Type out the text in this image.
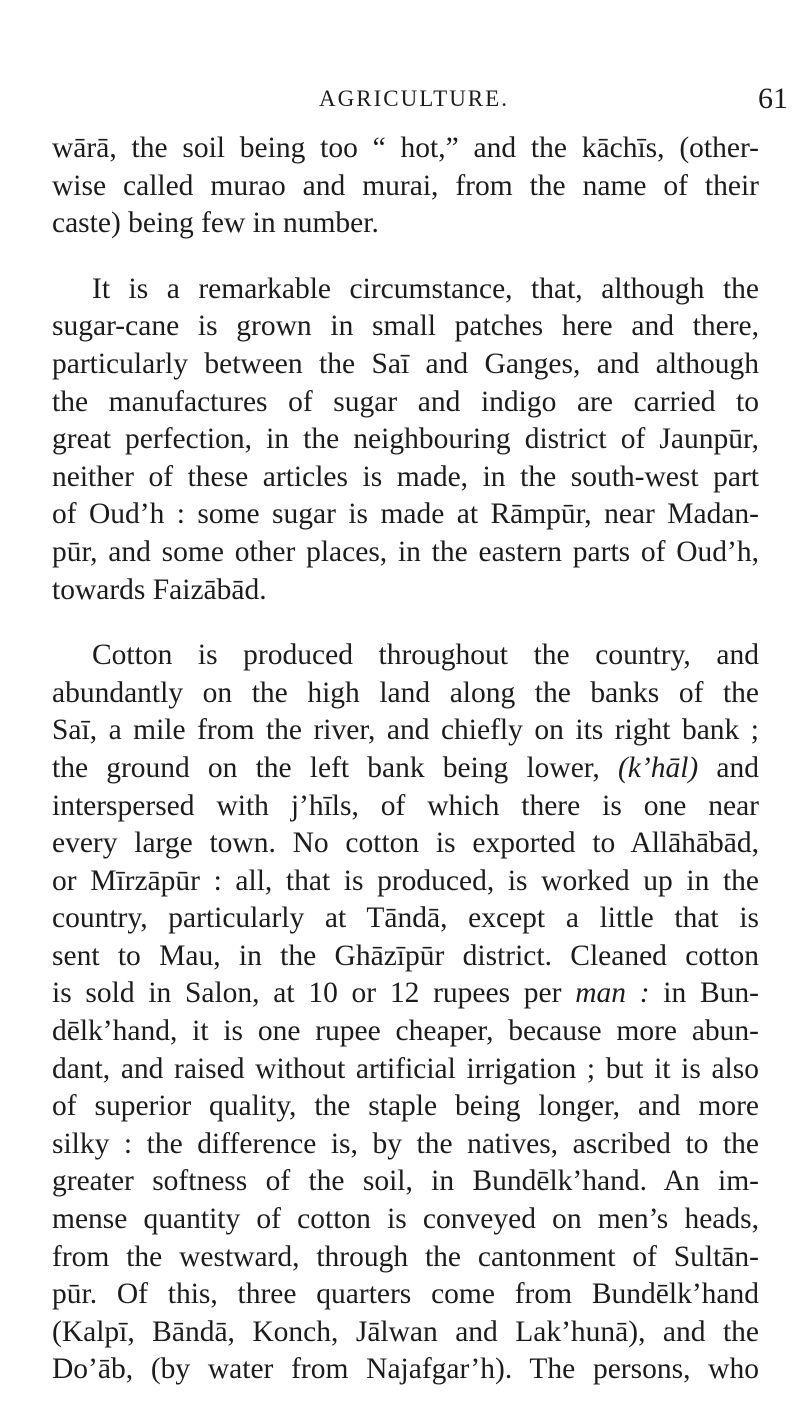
AGRICULTURE.	61
wārā, the soil being too “ hot,” and the kāchīs, (other-
wise called murao and murai, from the name of their
caste) being few in number.
It is a remarkable circumstance, that, although the
sugar-cane is grown in small patches here and there,
particularly between the Saī and Ganges, and although
the manufactures of sugar and indigo are carried to
great perfection, in the neighbouring district of Jaunpūr,
neither of these articles is made, in the south-west part
of Oud’h : some sugar is made at Rāmpūr, near Madan-
pūr, and some other places, in the eastern parts of Oud’h,
towards Faizābād.
Cotton is produced throughout the country, and
abundantly on the high land along the banks of the
Saī, a mile from the river, and chiefly on its right bank ;
the ground on the left bank being lower, (k’hāl) and
interspersed with j’hīls, of which there is one near
every large town. No cotton is exported to Allāhābād,
or Mīrzāpūr : all, that is produced, is worked up in the
country, particularly at Tāndā, except a little that is
sent to Mau, in the Ghāzīpūr district. Cleaned cotton
is sold in Salon, at 10 or 12 rupees per man : in Bun-
dēlk’hand, it is one rupee cheaper, because more abun-
dant, and raised without artificial irrigation ; but it is also
of superior quality, the staple being longer, and more
silky : the difference is, by the natives, ascribed to the
greater softness of the soil, in Bundēlk’hand. An im-
mense quantity of cotton is conveyed on men’s heads,
from the westward, through the cantonment of Sultān-
pūr. Of this, three quarters come from Bundēlk’hand
(Kalpī, Bāndā, Konch, Jālwan and Lak’hunā), and the
Do’āb, (by water from Najafgar’h). The persons, who
